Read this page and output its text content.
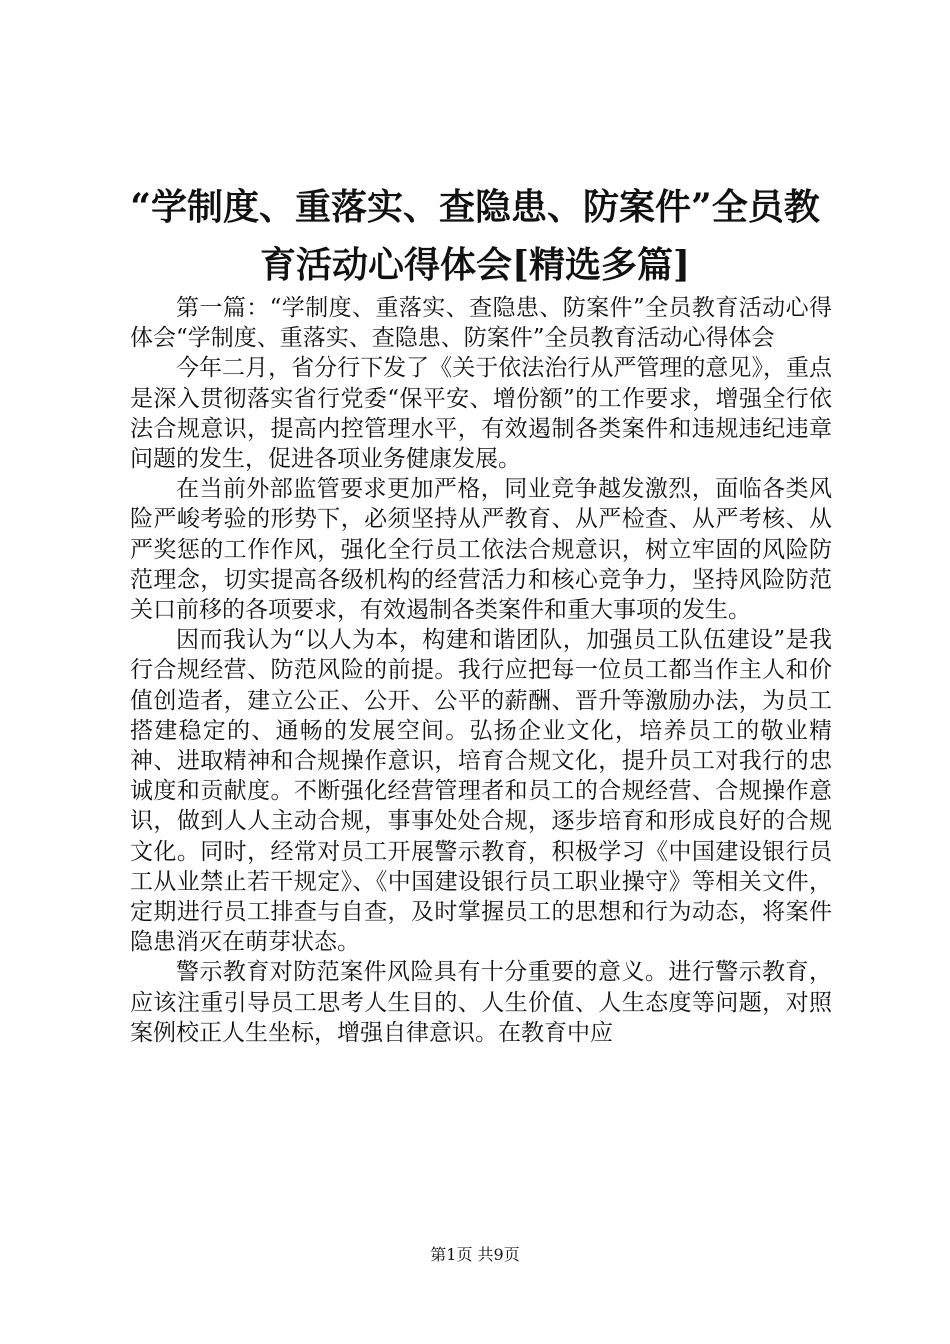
“学制度、重落实、查隐患、防案件”全员教
育活动心得体会[精选多篇]

第一篇：“学制度、重落实、查隐患、防案件”全员教育活动心得体会“学制度、重落实、查隐患、防案件”全员教育活动心得体会

今年二月，省分行下发了《关于依法治行从严管理的意见》，重点是深入贯彻落实省行党委“保平安、增份额”的工作要求，增强全行依法合规意识，提高内控管理水平，有效遏制各类案件和违规违纪违章问题的发生，促进各项业务健康发展。

在当前外部监管要求更加严格，同业竞争越发激烈，面临各类风险严峻考验的形势下，必须坚持从严教育、从严检查、从严考核、从严奖惩的工作作风，强化全行员工依法合规意识，树立牢固的风险防范理念，切实提高各级机构的经营活力和核心竞争力，坚持风险防范关口前移的各项要求，有效遏制各类案件和重大事项的发生。

因而我认为“以人为本，构建和谐团队，加强员工队伍建设”是我行合规经营、防范风险的前提。我行应把每一位员工都当作主人和价值创造者，建立公正、公开、公平的薪酬、晋升等激励办法，为员工搭建稳定的、通畅的发展空间。弘扬企业文化，培养员工的敬业精神、进取精神和合规操作意识，培育合规文化，提升员工对我行的忠诚度和贡献度。不断强化经营管理者和员工的合规经营、合规操作意识，做到人人主动合规，事事处处合规，逐步培育和形成良好的合规文化。同时，经常对员工开展警示教育，积极学习《中国建设银行员工从业禁止若干规定》、《中国建设银行员工职业操守》等相关文件，定期进行员工排查与自查，及时掌握员工的思想和行为动态，将案件隐患消灭在萌芽状态。

警示教育对防范案件风险具有十分重要的意义。进行警示教育，应该注重引导员工思考人生目的、人生价值、人生态度等问题，对照案例校正人生坐标，增强自律意识。在教育中应

第1页 共9页
